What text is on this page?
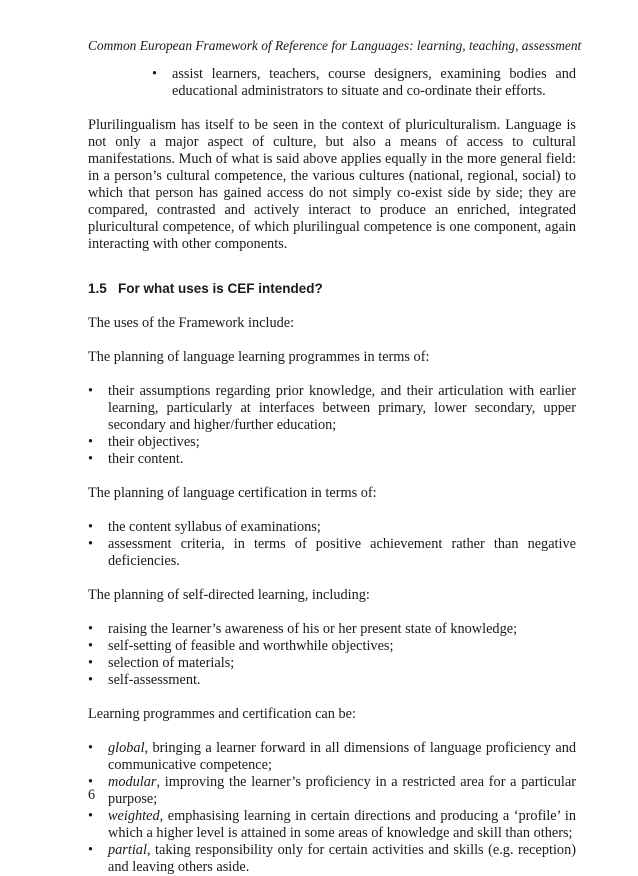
Common European Framework of Reference for Languages: learning, teaching, assessment
•	assist learners, teachers, course designers, examining bodies and educational administrators to situate and co-ordinate their efforts.

Plurilingualism has itself to be seen in the context of pluriculturalism. Language is not only a major aspect of culture, but also a means of access to cultural manifestations. Much of what is said above applies equally in the more general field: in a person’s cultural competence, the various cultures (national, regional, social) to which that person has gained access do not simply co-exist side by side; they are compared, contrasted and actively interact to produce an enriched, integrated pluricultural competence, of which plurilingual competence is one component, again interacting with other components.

1.5 For what uses is CEF intended?

The uses of the Framework include:

The planning of language learning programmes in terms of:

•	their assumptions regarding prior knowledge, and their articulation with earlier learning, particularly at interfaces between primary, lower secondary, upper secondary and higher/further education;
•	their objectives;
•	their content.

The planning of language certification in terms of:

•	the content syllabus of examinations;
•	assessment criteria, in terms of positive achievement rather than negative deficiencies.

The planning of self-directed learning, including:

•	raising the learner’s awareness of his or her present state of knowledge;
•	self-setting of feasible and worthwhile objectives;
•	selection of materials;
•	self-assessment.

Learning programmes and certification can be:

•	global, bringing a learner forward in all dimensions of language proficiency and communicative competence;
•	modular, improving the learner’s proficiency in a restricted area for a particular purpose;
•	weighted, emphasising learning in certain directions and producing a ‘profile’ in which a higher level is attained in some areas of knowledge and skill than others;
•	partial, taking responsibility only for certain activities and skills (e.g. reception) and leaving others aside.
6
